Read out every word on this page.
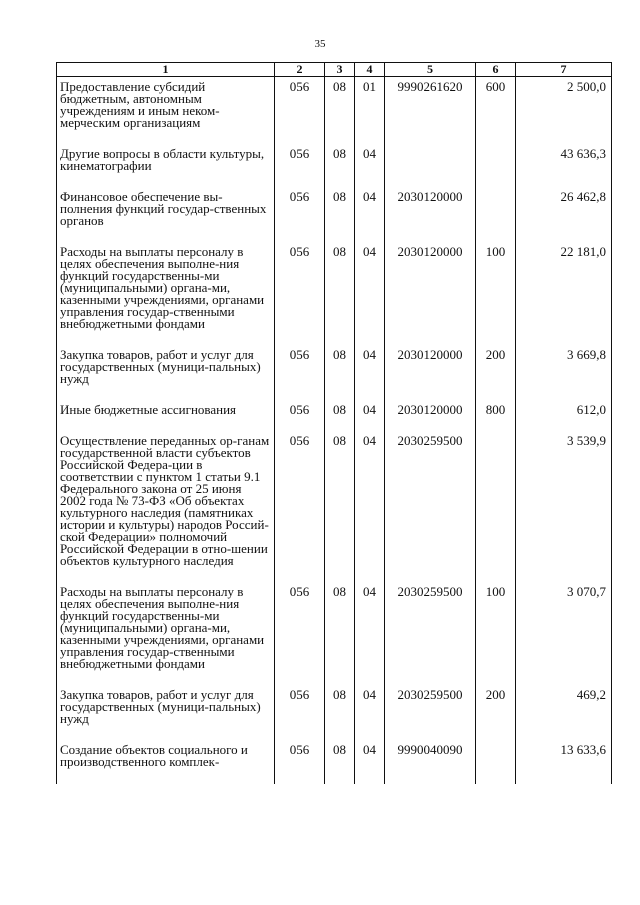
35
1	2	3	4	5	6	7
Предоставление субсидий бюджетным, автономным учреждениям и иным неком-мерческим организациям	056	08	01	9990261620	600	2 500,0
Другие вопросы в области культуры, кинематографии	056	08	04			43 636,3
Финансовое обеспечение вы-полнения функций государ-ственных органов	056	08	04	2030120000		26 462,8
Расходы на выплаты персоналу в целях обеспечения выполне-ния функций государственны-ми (муниципальными) органа-ми, казенными учреждениями, органами управления государ-ственными внебюджетными фондами	056	08	04	2030120000	100	22 181,0
Закупка товаров, работ и услуг для государственных (муници-пальных) нужд	056	08	04	2030120000	200	3 669,8
Иные бюджетные ассигнования	056	08	04	2030120000	800	612,0
Осуществление переданных ор-ганам государственной власти субъектов Российской Федера-ции в соответствии с пунктом 1 статьи 9.1 Федерального закона от 25 июня 2002 года № 73-ФЗ «Об объектах культурного наследия (памятниках истории и культуры) народов Россий-ской Федерации» полномочий Российской Федерации в отно-шении объектов культурного наследия	056	08	04	2030259500		3 539,9
Расходы на выплаты персоналу в целях обеспечения выполне-ния функций государственны-ми (муниципальными) органа-ми, казенными учреждениями, органами управления государ-ственными внебюджетными фондами	056	08	04	2030259500	100	3 070,7
Закупка товаров, работ и услуг для государственных (муници-пальных) нужд	056	08	04	2030259500	200	469,2
Создание объектов социального и производственного комплек-	056	08	04	9990040090		13 633,6
